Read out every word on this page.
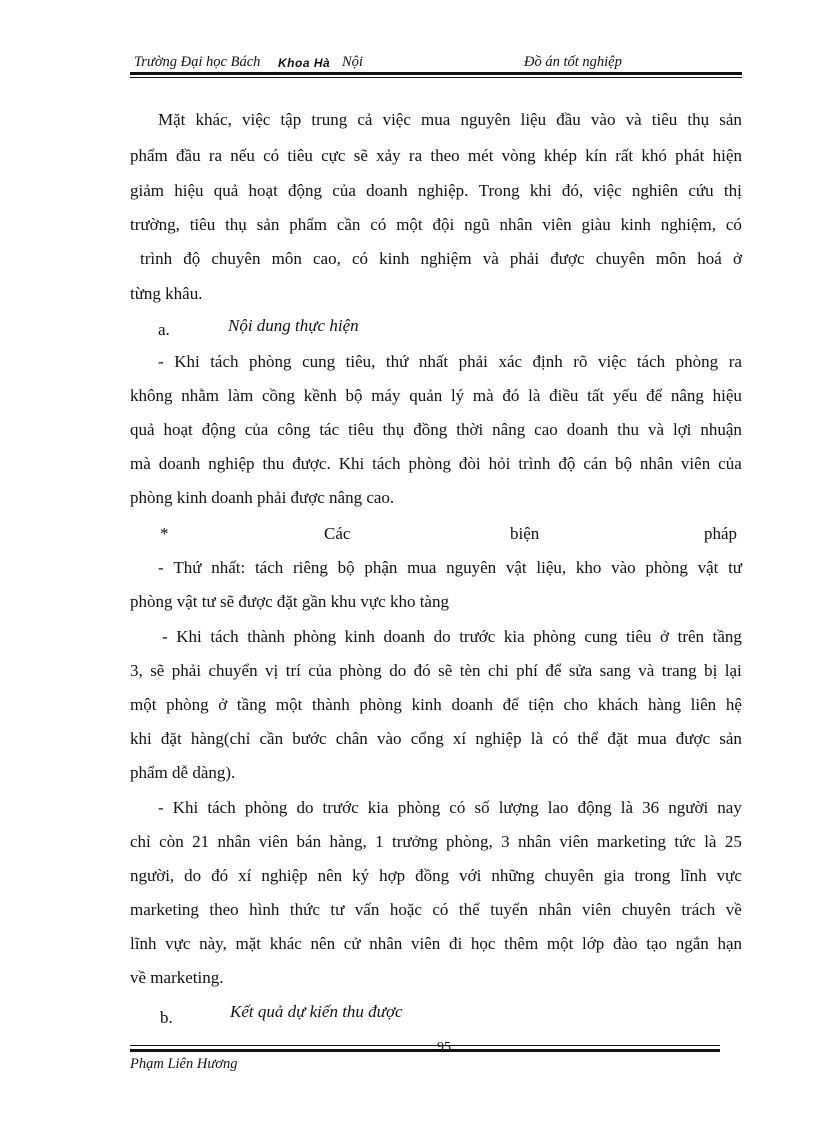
Trường Đại học Bách Khoa Hà Nội	Đồ án tốt nghiệp
Mặt khác, việc tập trung cả việc mua nguyên liệu đầu vào và tiêu thụ sản
phẩm đầu ra nếu có tiêu cực sẽ xảy ra theo mét vòng khép kín rất khó phát hiện
giảm hiệu quả hoạt động của doanh nghiệp. Trong khi đó, việc nghiên cứu thị
trường, tiêu thụ sản phẩm cần có một đội ngũ nhân viên giàu kinh nghiệm, có
trình độ chuyên môn cao, có kinh nghiệm và phải được chuyên môn hoá ở
từng khâu.
a.	Nội dung thực hiện
- Khi tách phòng cung tiêu, thứ nhất phải xác định rõ việc tách phòng ra
không nhằm làm cồng kềnh bộ máy quản lý mà đó là điều tất yếu để nâng hiệu
quả hoạt động của công tác tiêu thụ đồng thời nâng cao doanh thu và lợi nhuận
mà doanh nghiệp thu được. Khi tách phòng đòi hỏi trình độ cán bộ nhân viên của
phòng kinh doanh phải được nâng cao.
*	Các	biện	pháp
- Thứ nhất: tách riêng bộ phận mua nguyên vật liệu, kho vào phòng vật tư
phòng vật tư sẽ được đặt gần khu vực kho tàng
- Khi tách thành phòng kinh doanh do trước kia phòng cung tiêu ở trên tầng
3, sẽ phải chuyển vị trí của phòng do đó sẽ tèn chi phí để sửa sang và trang bị lại
một phòng ở tầng một thành phòng kinh doanh để tiện cho khách hàng liên hệ
khi đặt hàng(chỉ cần bước chân vào cổng xí nghiệp là có thể đặt mua được sản
phẩm dễ dàng).
- Khi tách phòng do trước kia phòng có số lượng lao động là 36 người nay
chỉ còn 21 nhân viên bán hàng, 1 trưởng phòng, 3 nhân viên marketing tức là 25
người, do đó xí nghiệp nên ký hợp đồng với những chuyên gia trong lĩnh vực
marketing theo hình thức tư vấn hoặc có thể tuyển nhân viên chuyên trách về
lĩnh vực này, mặt khác nên cử nhân viên đi học thêm một lớp đào tạo ngắn hạn
về marketing.
b.	Kết quả dự kiến thu được
95
Phạm Liên Hương
